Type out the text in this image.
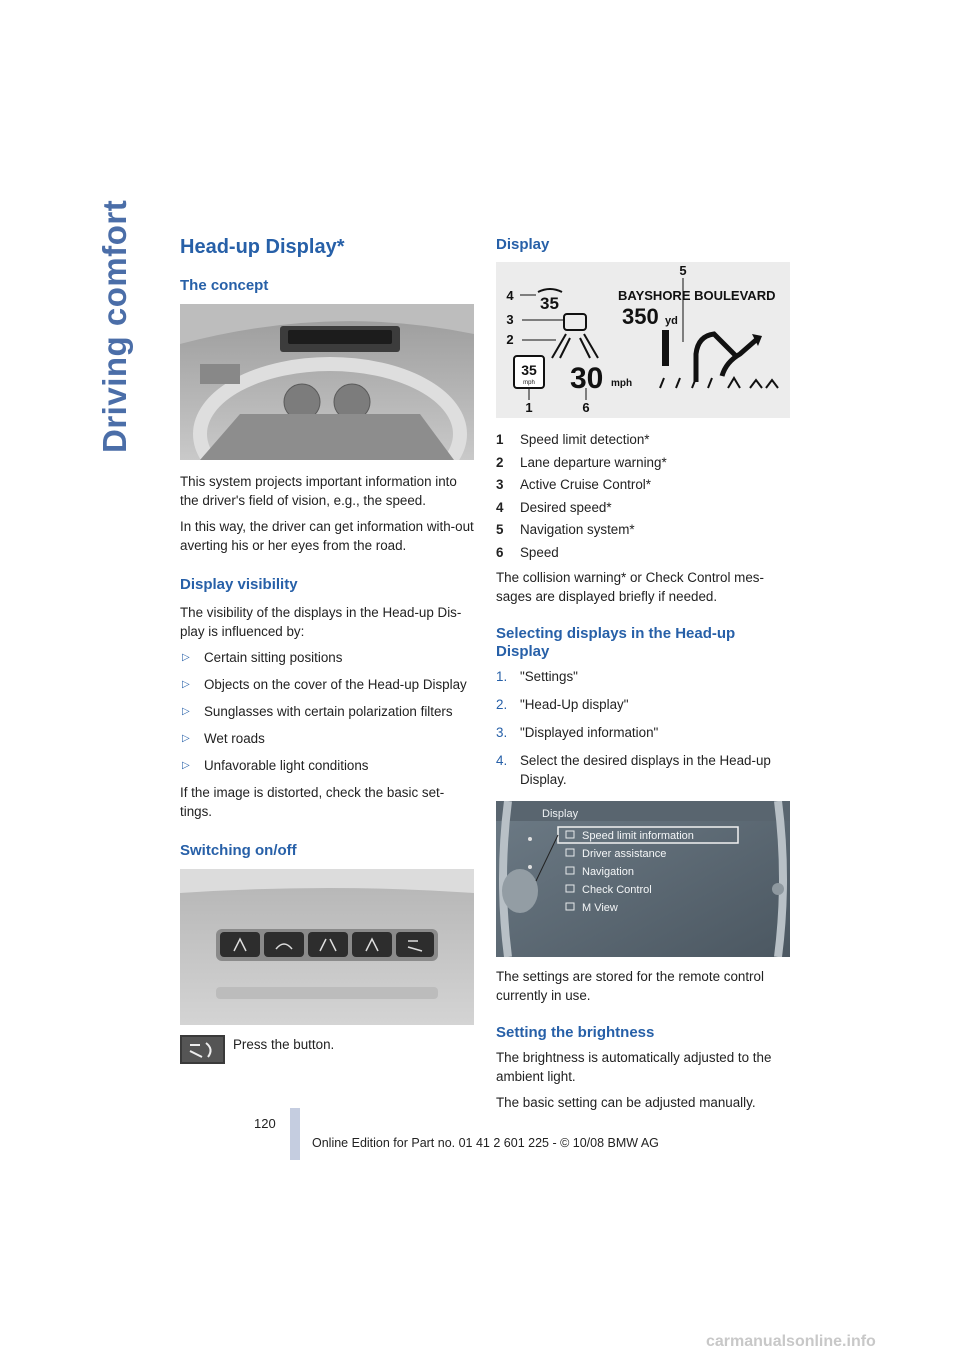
Driving comfort	Head-up Display*
The concept

This system projects important information into the driver's field of vision, e.g., the speed.

In this way, the driver can get information with-out averting his or her eyes from the road.

Display visibility

The visibility of the displays in the Head-up Dis-play is influenced by:

▷ Certain sitting positions
▷ Objects on the cover of the Head-up Display
▷ Sunglasses with certain polarization filters
▷ Wet roads
▷ Unfavorable light conditions

If the image is distorted, check the basic set-tings.

Switching on/off

Press the button.

Display
BAYSHORE BOULEVARD
350 yd
35
35
mph 30 mph
1
2
3
4
5
6
1 Speed limit detection*
2 Lane departure warning*
3 Active Cruise Control*
4 Desired speed*
5 Navigation system*
6 Speed

The collision warning* or Check Control mes-sages are displayed briefly if needed.

Selecting displays in the Head-up Display
1. "Settings"
2. "Head-Up display"
3. "Displayed information"
4. Select the desired displays in the Head-up Display.
Display
Speed limit information
Driver assistance
Navigation
Check Control
M View

The settings are stored for the remote control currently in use.

Setting the brightness

The brightness is automatically adjusted to the ambient light.

The basic setting can be adjusted manually.

120
Online Edition for Part no. 01 41 2 601 225 - © 10/08 BMW AG
carmanualsonline.info
